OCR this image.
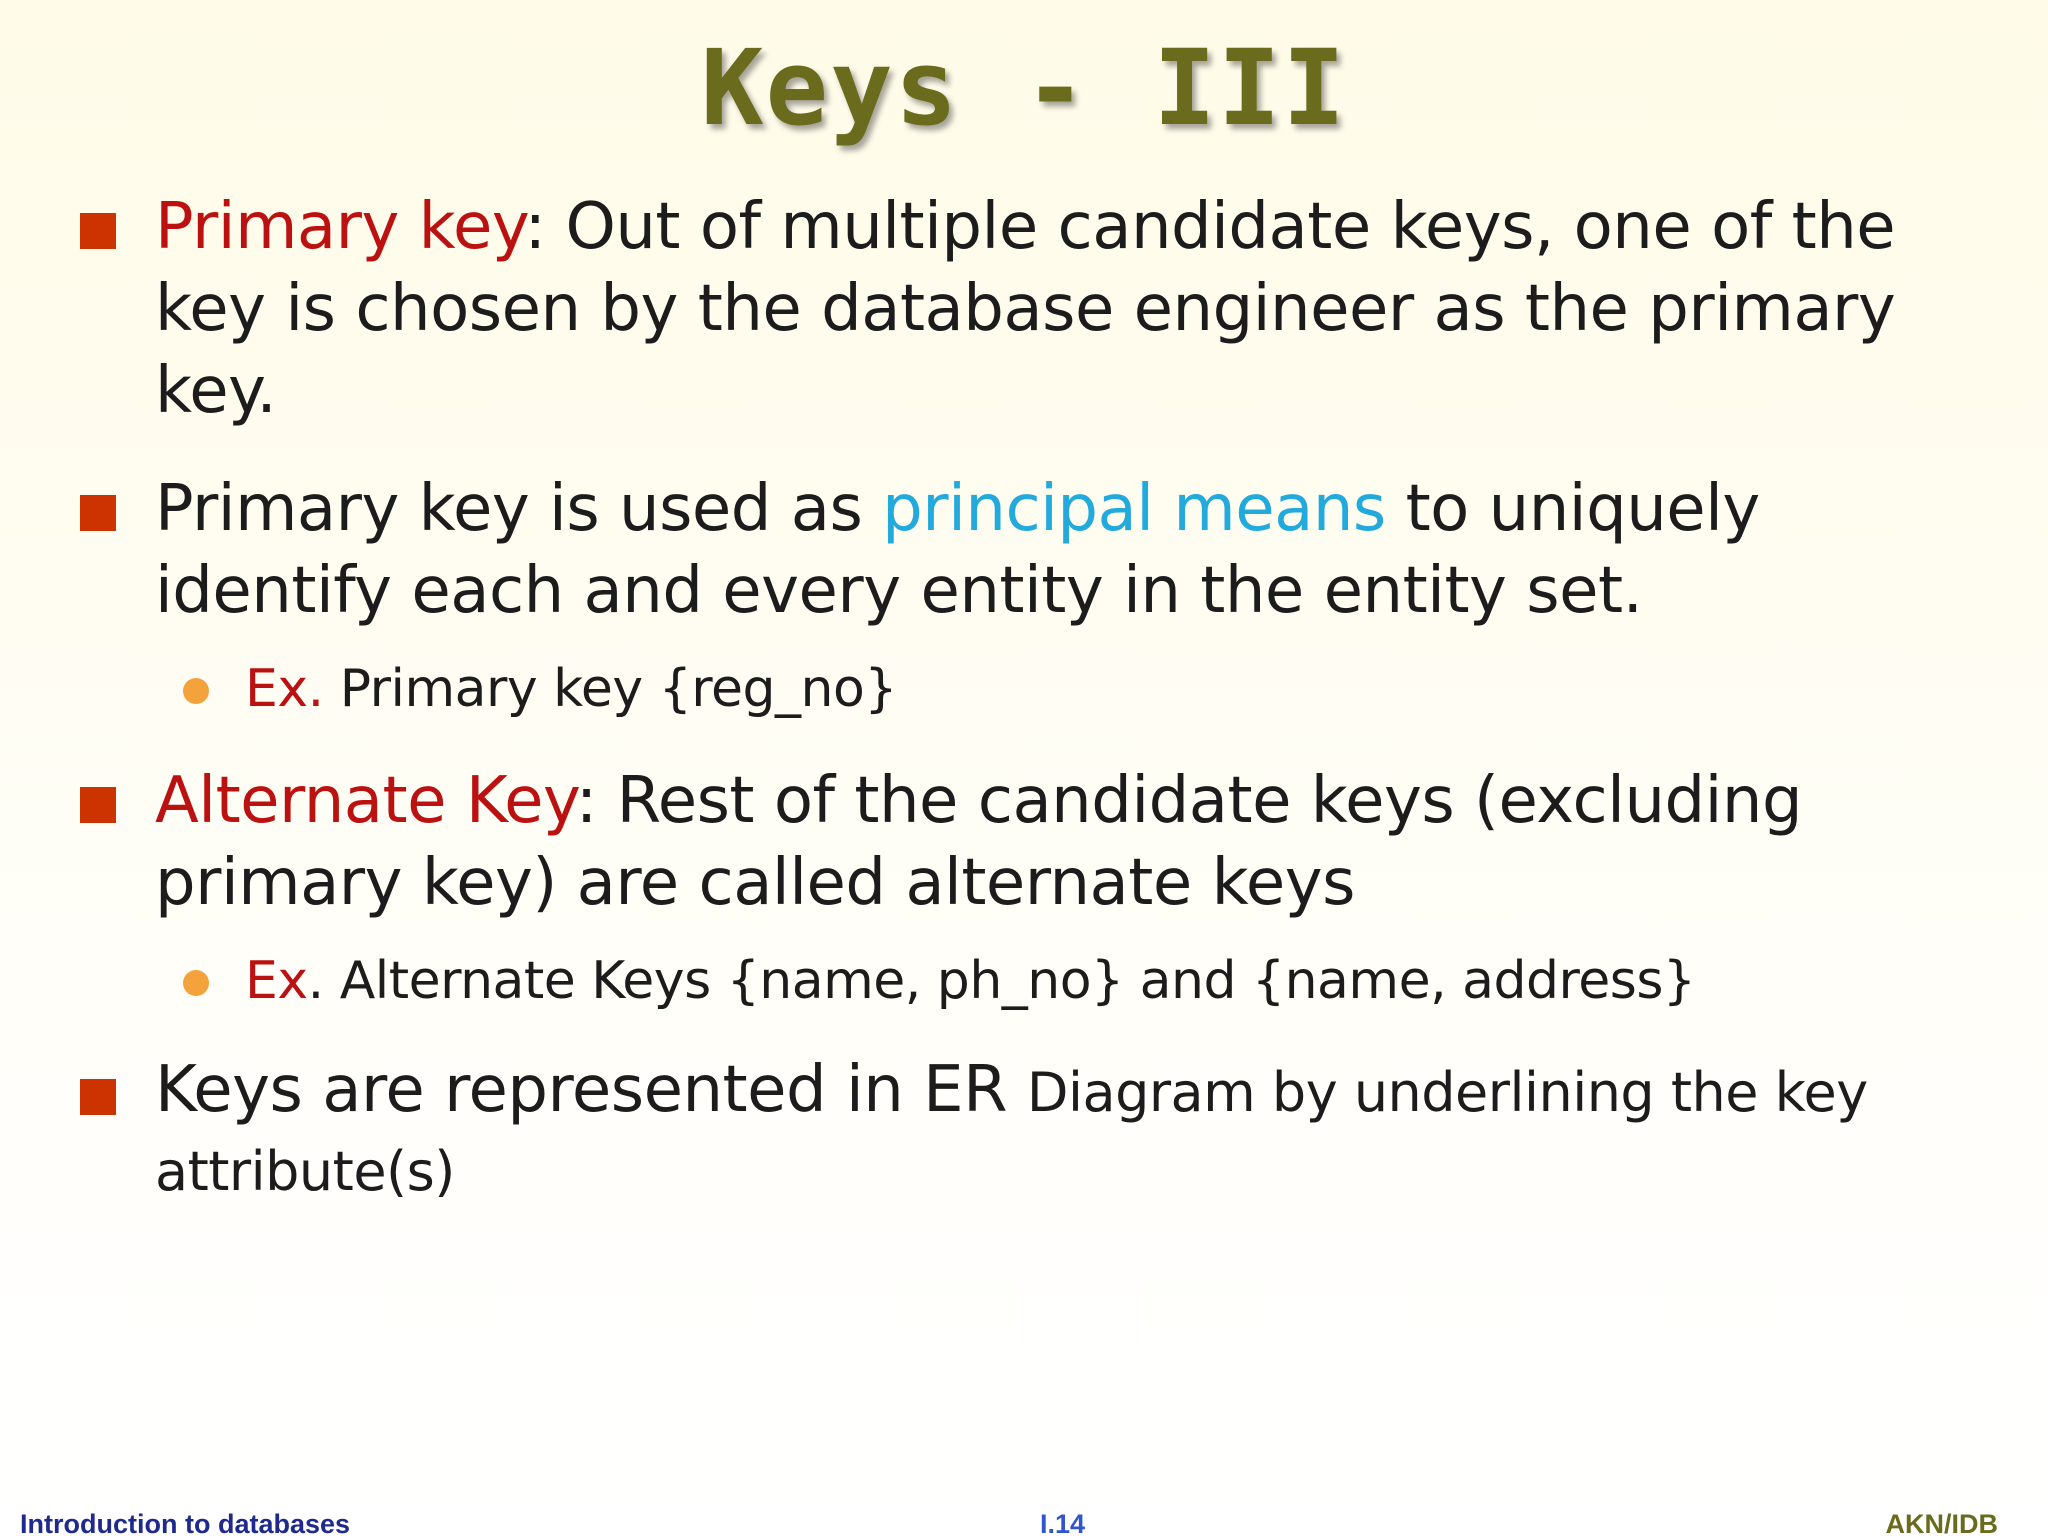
Keys - III
Primary key: Out of multiple candidate keys, one of the key is chosen by the database engineer as the primary key.
Primary key is used as principal means to uniquely identify each and every entity in the entity set.
Ex. Primary key {reg_no}
Alternate Key: Rest of the candidate keys (excluding primary key) are called alternate keys
Ex. Alternate Keys {name, ph_no} and {name, address}
Keys are represented in ER Diagram by underlining the key attribute(s)
Introduction to databases	I.14	AKN/IDB
